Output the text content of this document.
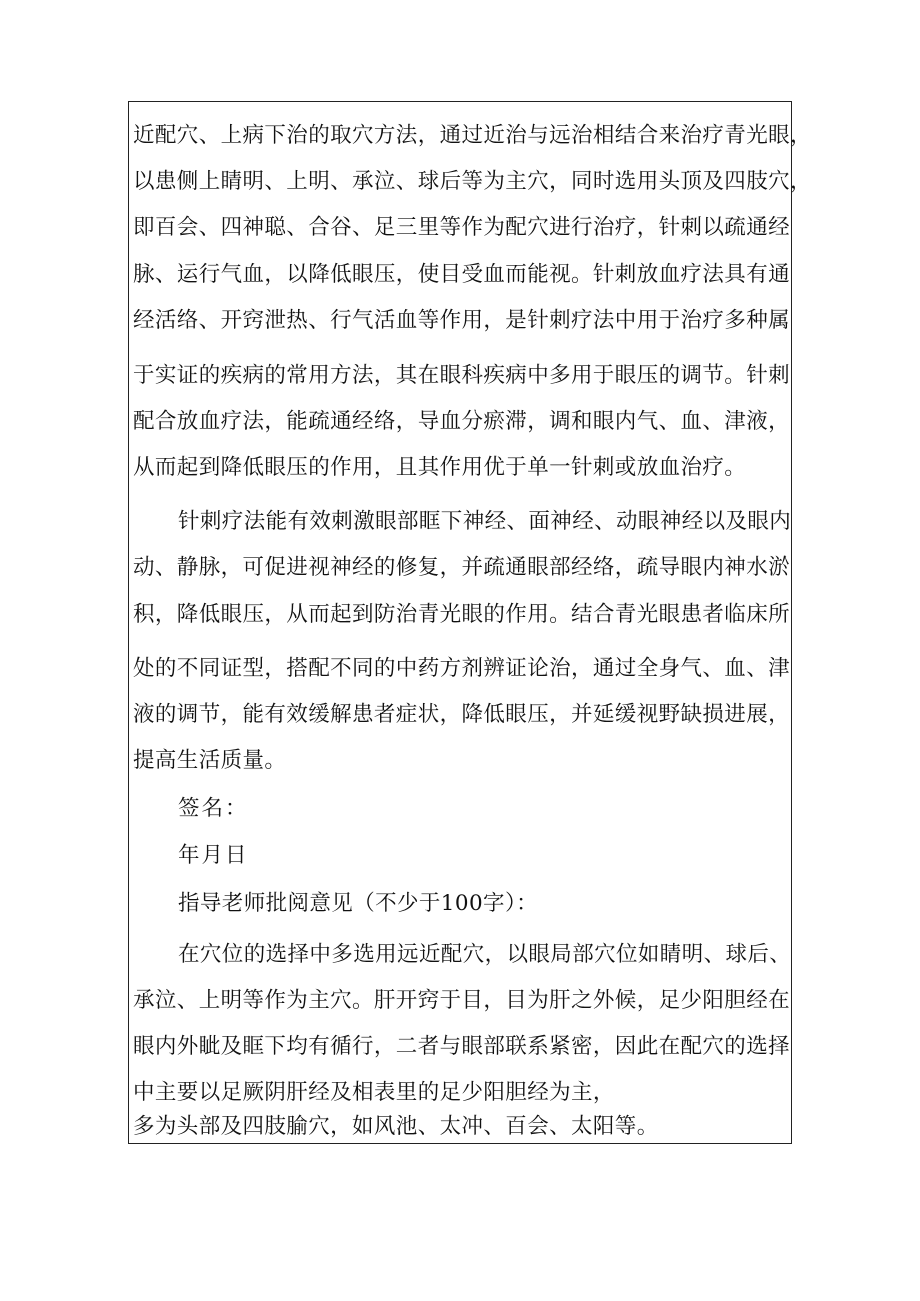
近配穴、上病下治的取穴方法，通过近治与远治相结合来治疗青光眼，
以患侧上睛明、上明、承泣、球后等为主穴，同时选用头顶及四肢穴，
即百会、四神聪、合谷、足三里等作为配穴进行治疗，针刺以疏通经
脉、运行气血，以降低眼压，使目受血而能视。针刺放血疗法具有通
经活络、开窍泄热、行气活血等作用，是针刺疗法中用于治疗多种属
于实证的疾病的常用方法，其在眼科疾病中多用于眼压的调节。针刺
配合放血疗法，能疏通经络，导血分瘀滞，调和眼内气、血、津液，
从而起到降低眼压的作用，且其作用优于单一针刺或放血治疗。
针刺疗法能有效刺激眼部眶下神经、面神经、动眼神经以及眼内
动、静脉，可促进视神经的修复，并疏通眼部经络，疏导眼内神水淤
积，降低眼压，从而起到防治青光眼的作用。结合青光眼患者临床所
处的不同证型，搭配不同的中药方剂辨证论治，通过全身气、血、津
液的调节，能有效缓解患者症状，降低眼压，并延缓视野缺损进展，
提高生活质量。
签名：
年月日
指导老师批阅意见（不少于100字）：
在穴位的选择中多选用远近配穴，以眼局部穴位如睛明、球后、
承泣、上明等作为主穴。肝开窍于目，目为肝之外候，足少阳胆经在
眼内外眦及眶下均有循行，二者与眼部联系紧密，因此在配穴的选择
中主要以足厥阴肝经及相表里的足少阳胆经为主，
多为头部及四肢腧穴，如风池、太冲、百会、太阳等。
